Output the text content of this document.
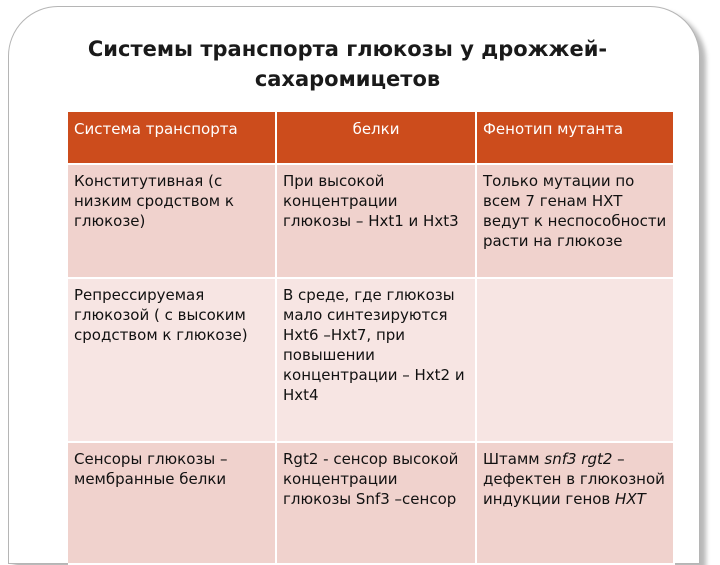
Системы транспорта глюкозы у дрожжей-сахаромицетов
Система транспорта	белки	Фенотип мутанта
Конститутивная (с низким сродством к глюкозе)	При высокой концентрации глюкозы – Hxt1 и Hxt3	Только мутации по всем 7 генам HXT ведут к неспособности расти на глюкозе
Репрессируемая глюкозой ( с высоким сродством к глюкозе)	В среде, где глюкозы мало синтезируются Hxt6 –Hxt7, при повышении концентрации – Hxt2 и Hxt4	
Сенсоры глюкозы – мембранные белки	Rgt2 - сенсор высокой концентрации глюкозы Snf3 –сенсор	Штамм snf3 rgt2 – дефектен в глюкозной индукции генов HXT
